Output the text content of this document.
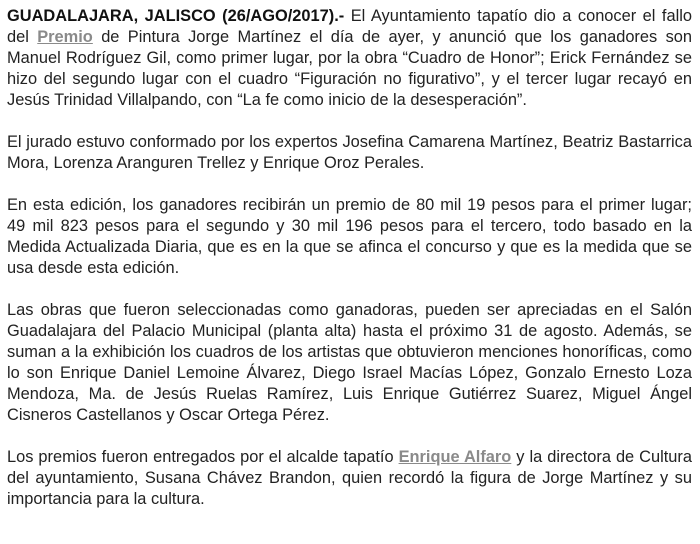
GUADALAJARA, JALISCO (26/AGO/2017).- El Ayuntamiento tapatío dio a conocer el fallo del Premio de Pintura Jorge Martínez el día de ayer, y anunció que los ganadores son Manuel Rodríguez Gil, como primer lugar, por la obra “Cuadro de Honor”; Erick Fernández se hizo del segundo lugar con el cuadro “Figuración no figurativo”, y el tercer lugar recayó en Jesús Trinidad Villalpando, con “La fe como inicio de la desesperación”.

El jurado estuvo conformado por los expertos Josefina Camarena Martínez, Beatriz Bastarrica Mora, Lorenza Aranguren Trellez y Enrique Oroz Perales.

En esta edición, los ganadores recibirán un premio de 80 mil 19 pesos para el primer lugar; 49 mil 823 pesos para el segundo y 30 mil 196 pesos para el tercero, todo basado en la Medida Actualizada Diaria, que es en la que se afinca el concurso y que es la medida que se usa desde esta edición.

Las obras que fueron seleccionadas como ganadoras, pueden ser apreciadas en el Salón Guadalajara del Palacio Municipal (planta alta) hasta el próximo 31 de agosto. Además, se suman a la exhibición los cuadros de los artistas que obtuvieron menciones honoríficas, como lo son Enrique Daniel Lemoine Álvarez, Diego Israel Macías López, Gonzalo Ernesto Loza Mendoza, Ma. de Jesús Ruelas Ramírez, Luis Enrique Gutiérrez Suarez, Miguel Ángel Cisneros Castellanos y Oscar Ortega Pérez.

Los premios fueron entregados por el alcalde tapatío Enrique Alfaro y la directora de Cultura del ayuntamiento, Susana Chávez Brandon, quien recordó la figura de Jorge Martínez y su importancia para la cultura.
